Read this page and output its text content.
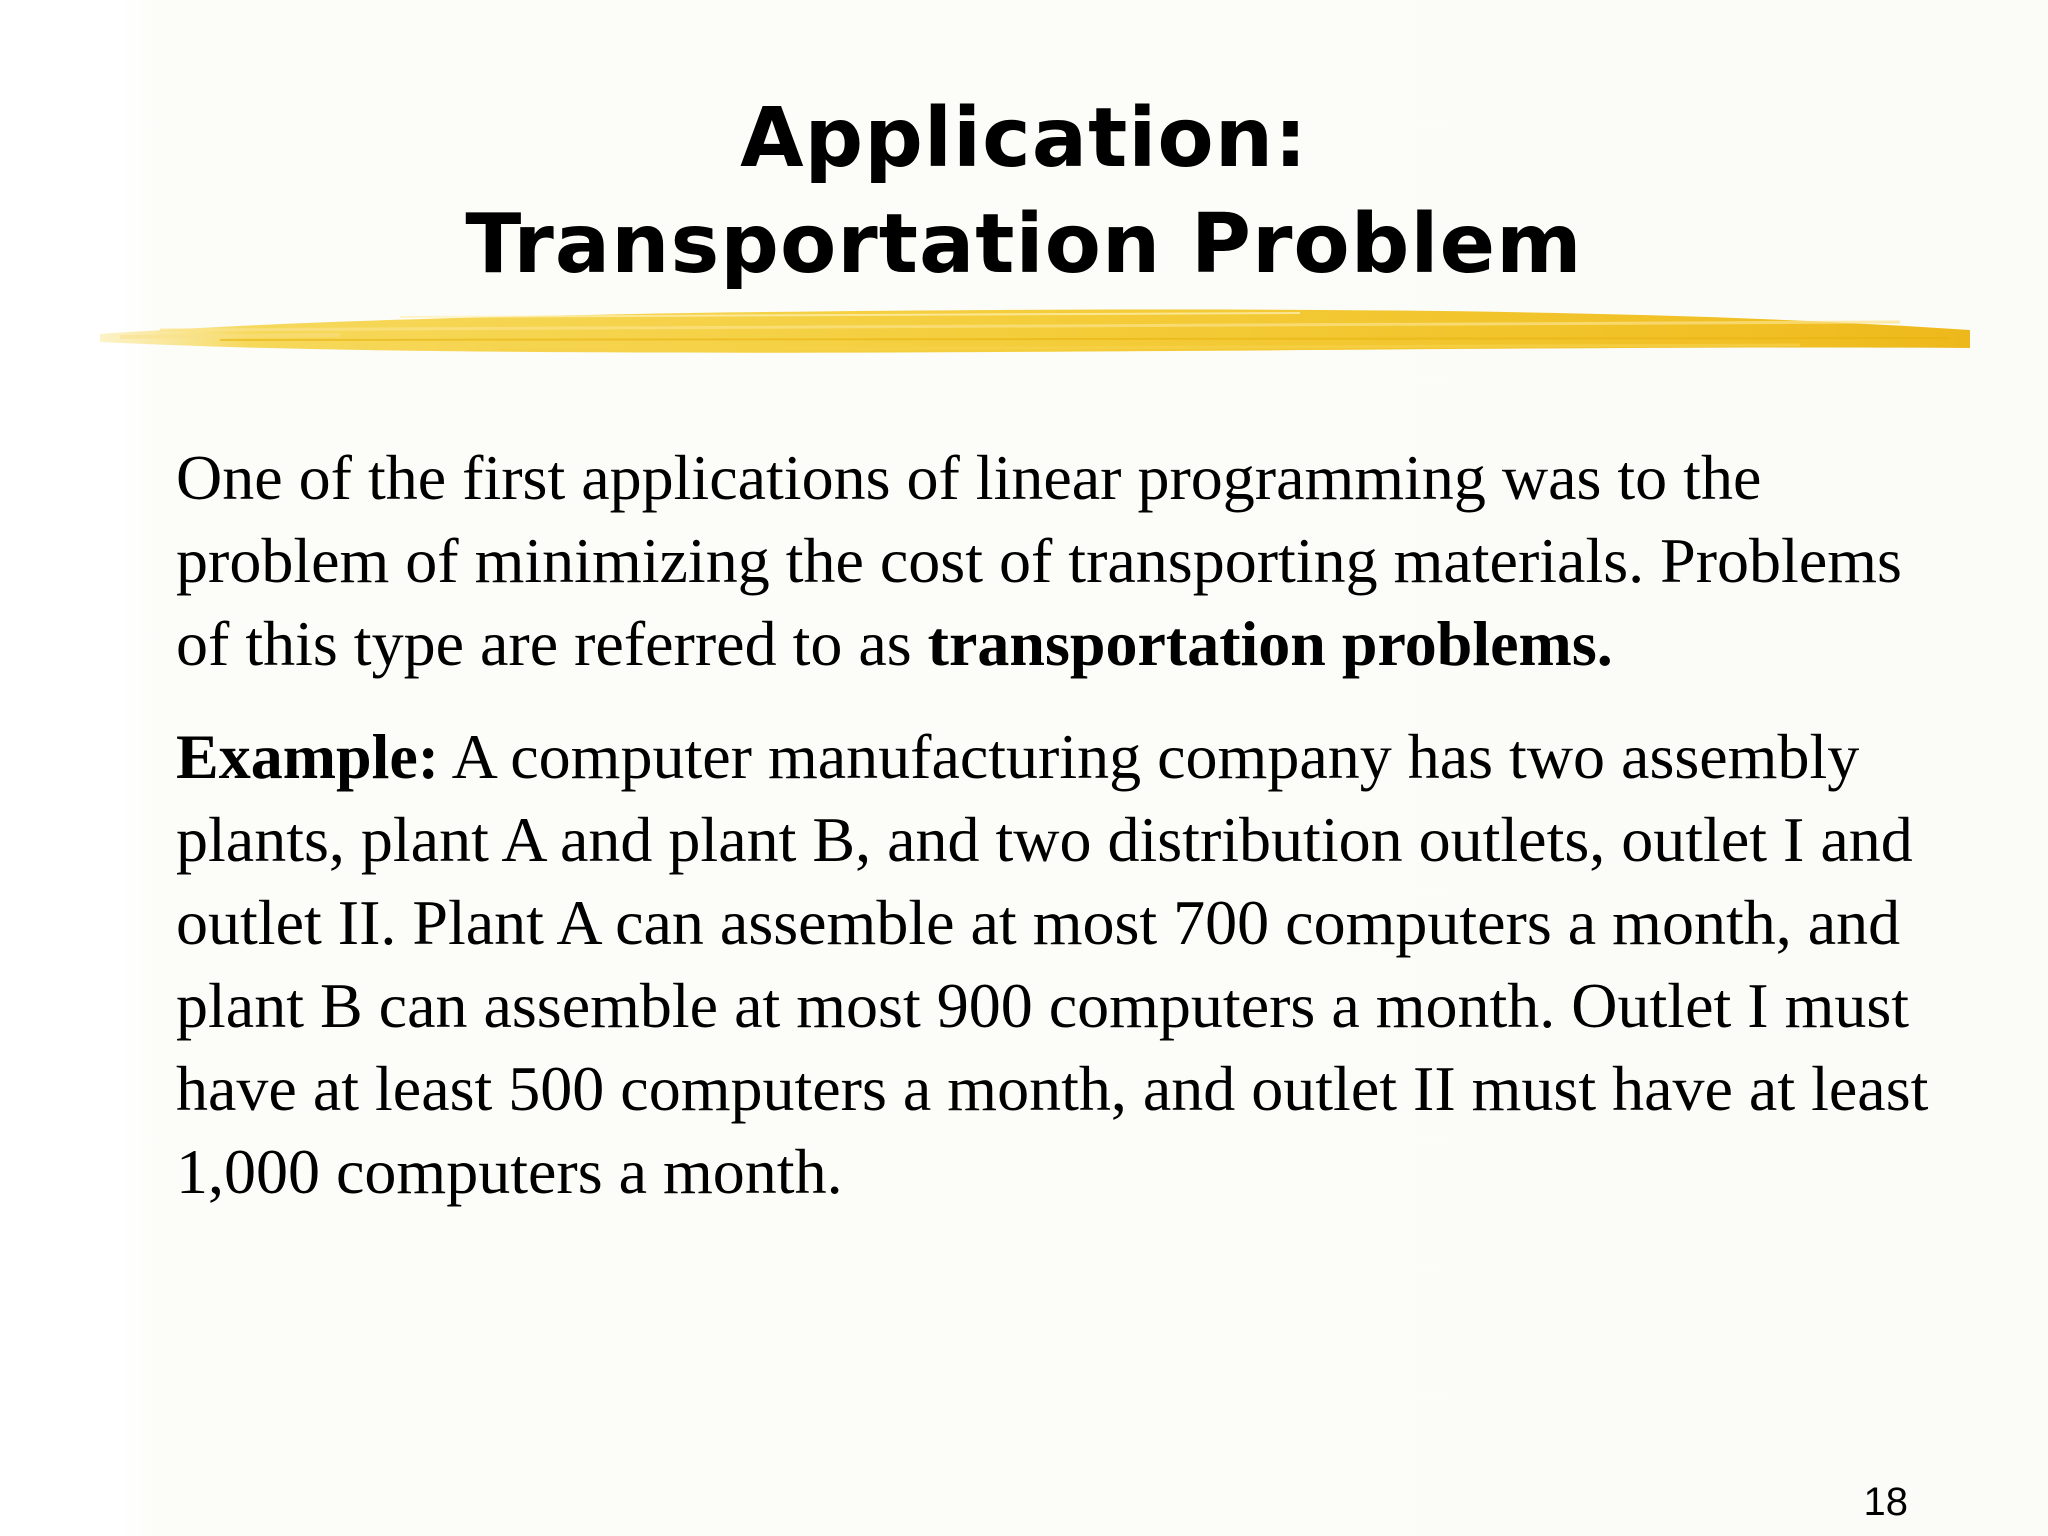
Application:
Transportation Problem

One of the first applications of linear programming was to the problem of minimizing the cost of transporting materials. Problems of this type are referred to as transportation problems.

Example: A computer manufacturing company has two assembly plants, plant A and plant B, and two distribution outlets, outlet I and outlet II. Plant A can assemble at most 700 computers a month, and plant B can assemble at most 900 computers a month. Outlet I must have at least 500 computers a month, and outlet II must have at least 1,000 computers a month.

18
